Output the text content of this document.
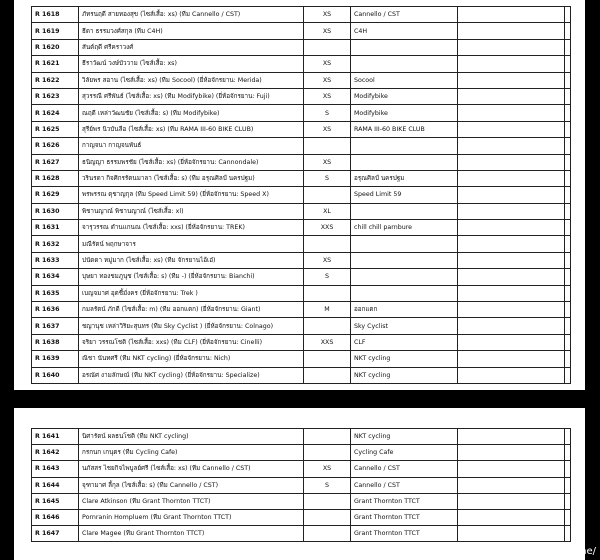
R 1618	ภัทรนฤดี สายทองสุข (ไซส์เสื้อ: xs) (ทีม Cannello / CST)	XS	Cannello / CST		
R 1619	ธีดา ธรรมวงศ์สกุล (ทีม C4H)	XS	C4H		
R 1620	สันต์ฤดี ศรีคราวงศ์				
R 1621	ธีราวัฒน์ วงษ์บัววาม (ไซส์เสื้อ: xs)	XS			
R 1622	วิลัยพร สอาน (ไซส์เสื้อ: xs) (ทีม Socool) (ยี่ห้อจักรยาน: Merida)	XS	Socool		
R 1623	สุวรรณี ศรีพันธ์ (ไซส์เสื้อ: xs) (ทีม Modifybike) (ยี่ห้อจักรยาน: Fuji)	XS	Modifybike		
R 1624	ณฤดี เหล่าวัฒนชัย (ไซส์เสื้อ: s) (ทีม Modifybike)	S	Modifybike		
R 1625	สุรีย์พร นิวบันลือ (ไซส์เสื้อ: xs) (ทีม RAMA III-60 BIKE CLUB)	XS	RAMA III-60 BIKE CLUB		
R 1626	กาญจนา กาญจนพันธ์				
R 1627	ธนิญญา ธรรมพรชัย (ไซส์เสื้อ: xs) (ยี่ห้อจักรยาน: Cannondale)	XS			
R 1628	วรินรดา กิจศิกรรัตนมาลา (ไซส์เสื้อ: s) (ทีม อรุณศิลป์ นครปฐม)	S	อรุณศิลป์ นครปฐม		
R 1629	พรพรรณ ดุชาญกุล (ทีม Speed Limit 59) (ยี่ห้อจักรยาน: Speed X)		Speed Limit 59		
R 1630	พิชานญาณ์ พิชานญาณ์ (ไซส์เสื้อ: xl)	XL			
R 1631	จารุวรรณ ดำนแกนณ (ไซส์เสื้อ: xxs) (ยี่ห้อจักรยาน: TREK)	XXS	chill chill parnbure		
R 1632	มณีรัตน์ พฤกษาจาร				
R 1633	ปนัดดา หมู่มาก (ไซส์เสื้อ: xs) (ทีม จักรยานไอ้เอ๋)	XS			
R 1634	บุษยา ทองชมภูนุช (ไซส์เสื้อ: s) (ทีม -) (ยี่ห้อจักรยาน: Bianchi)	S			
R 1635	เบญจมาศ อุตชี้มั่งคร (ยี่ห้อจักรยาน: Trek )				
R 1636	กมลรัตน์ ภักดี (ไซส์เสื้อ: m) (ทีม ออกแตก) (ยี่ห้อจักรยาน: Giant)	M	ออกแตก		
R 1637	ชญานุช เหล่าวิริยะสุนทร (ทีม Sky Cyclist ) (ยี่ห้อจักรยาน: Colnago)		Sky Cyclist		
R 1638	จริยา วรรณโชติ (ไซส์เสื้อ: xxs) (ทีม CLF) (ยี่ห้อจักรยาน: Cinelli)	XXS	CLF		
R 1639	ณิชา นันทศรี (ทีม NKT cycling) (ยี่ห้อจักรยาน: Nich)		NKT cycling		
R 1640	อรณัศ งามลักษณ์ (ทีม NKT cycling) (ยี่ห้อจักรยาน: Specialize)		NKT cycling		
R 1641	นิศารัตน์ ผลธนโชติ (ทีม NKT cycling)		NKT cycling		
R 1642	กรกนก เกนุตร (ทีม Cycling Cafe)		Cycling Cafe		
R 1643	นภัสสร ไชยกิจไพบูลย์ศรี (ไซส์เสื้อ: xs) (ทีม Cannello / CST)	XS	Cannello / CST		
R 1644	จุฑามาศ ลี้กุล (ไซส์เสื้อ: s) (ทีม Cannello / CST)	S	Cannello / CST		
R 1645	Clare Atkinson (ทีม Grant Thornton TTCT)		Grant Thornton TTCT		
R 1646	Pornranin Hompluem (ทีม Grant Thornton TTCT)		Grant Thornton TTCT		
R 1647	Clare Magee (ทีม Grant Thornton TTCT)		Grant Thornton TTCT		
[1080x976] https://upic.me/
